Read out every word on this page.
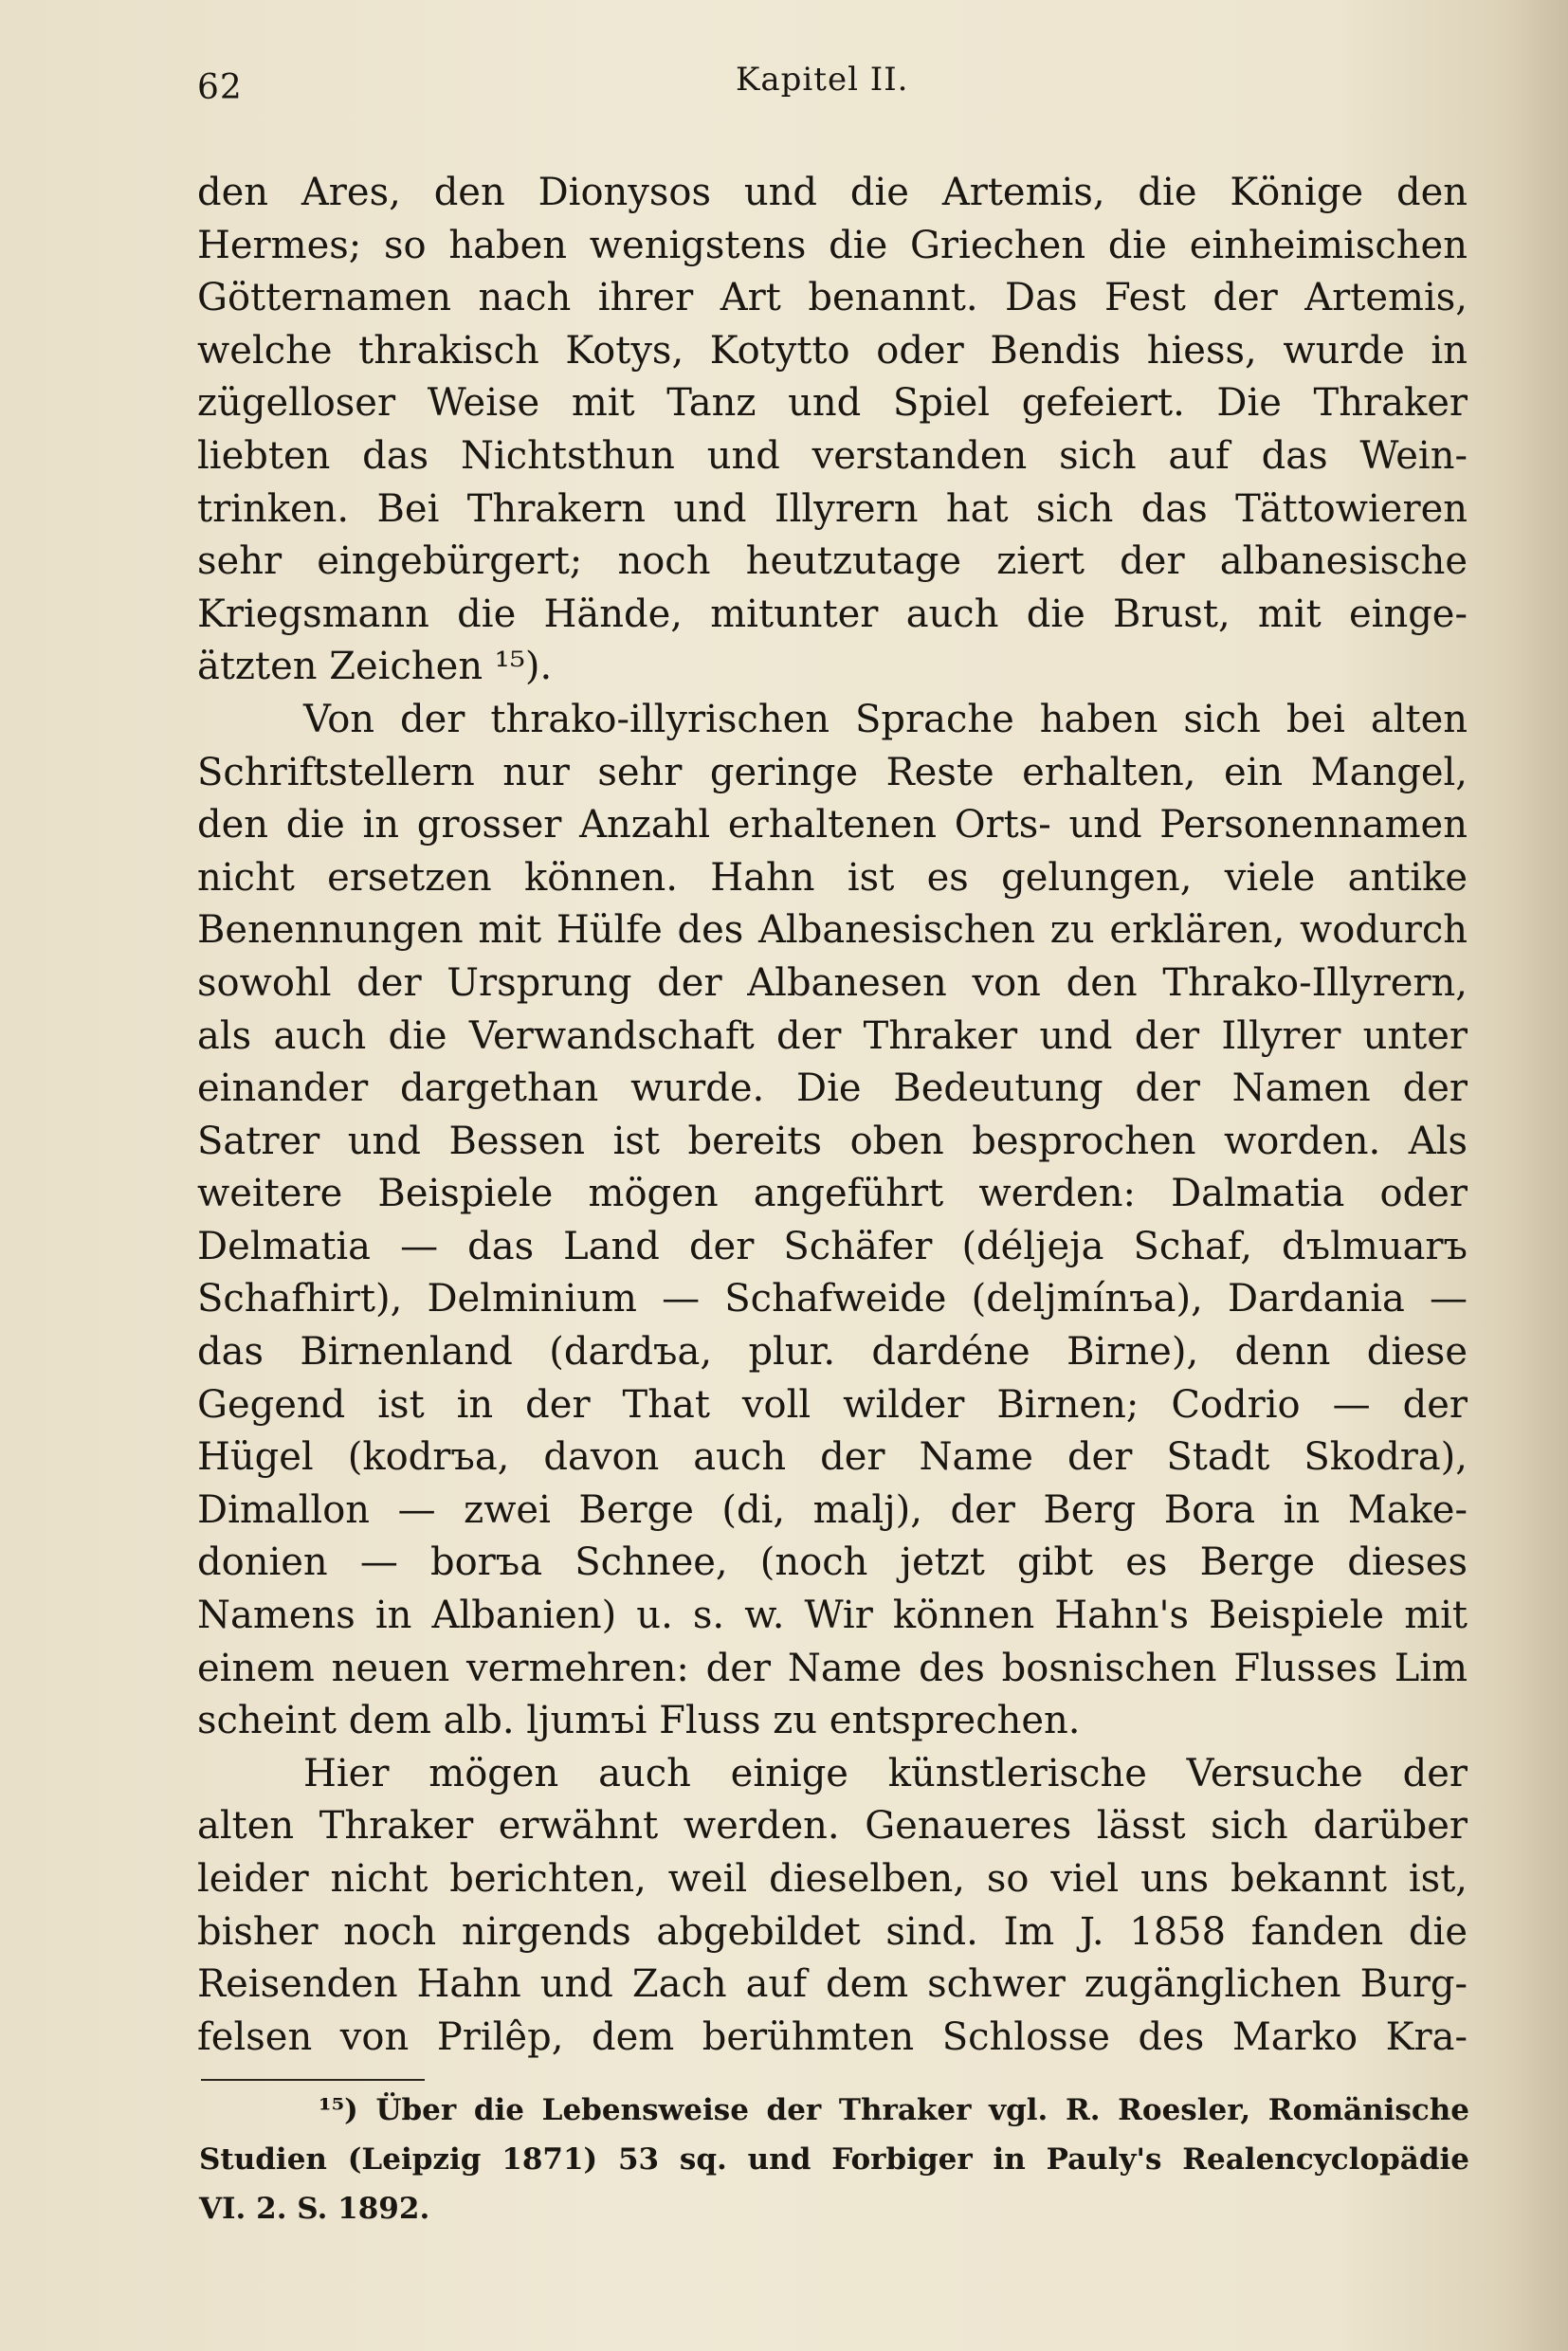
62	Kapitel II.
den Ares, den Dionysos und die Artemis, die Könige den
Hermes; so haben wenigstens die Griechen die einheimischen
Götternamen nach ihrer Art benannt. Das Fest der Artemis,
welche thrakisch Kotys, Kotytto oder Bendis hiess, wurde in
zügelloser Weise mit Tanz und Spiel gefeiert. Die Thraker
liebten das Nichtsthun und verstanden sich auf das Wein-
trinken. Bei Thrakern und Illyrern hat sich das Tättowieren
sehr eingebürgert; noch heutzutage ziert der albanesische
Kriegsmann die Hände, mitunter auch die Brust, mit einge-
ätzten Zeichen ¹⁵).
Von der thrako-illyrischen Sprache haben sich bei alten
Schriftstellern nur sehr geringe Reste erhalten, ein Mangel,
den die in grosser Anzahl erhaltenen Orts- und Personennamen
nicht ersetzen können. Hahn ist es gelungen, viele antike
Benennungen mit Hülfe des Albanesischen zu erklären, wodurch
sowohl der Ursprung der Albanesen von den Thrako-Illyrern,
als auch die Verwandschaft der Thraker und der Illyrer unter
einander dargethan wurde. Die Bedeutung der Namen der
Satrer und Bessen ist bereits oben besprochen worden. Als
weitere Beispiele mögen angeführt werden: Dalmatia oder
Delmatia — das Land der Schäfer (déljeja Schaf, dъlmuarъ
Schafhirt), Delminium — Schafweide (deljmínъa), Dardania —
das Birnenland (dardъa, plur. dardéne Birne), denn diese
Gegend ist in der That voll wilder Birnen; Codrio — der
Hügel (kodrъa, davon auch der Name der Stadt Skodra),
Dimallon — zwei Berge (di, malj), der Berg Bora in Make-
donien — borъa Schnee, (noch jetzt gibt es Berge dieses
Namens in Albanien) u. s. w. Wir können Hahn's Beispiele mit
einem neuen vermehren: der Name des bosnischen Flusses Lim
scheint dem alb. ljumъi Fluss zu entsprechen.
Hier mögen auch einige künstlerische Versuche der
alten Thraker erwähnt werden. Genaueres lässt sich darüber
leider nicht berichten, weil dieselben, so viel uns bekannt ist,
bisher noch nirgends abgebildet sind. Im J. 1858 fanden die
Reisenden Hahn und Zach auf dem schwer zugänglichen Burg-
felsen von Prilêp, dem berühmten Schlosse des Marko Kra-
¹⁵) Über die Lebensweise der Thraker vgl. R. Roesler, Romänische
Studien (Leipzig 1871) 53 sq. und Forbiger in Pauly's Realencyclopädie
VI. 2. S. 1892.
